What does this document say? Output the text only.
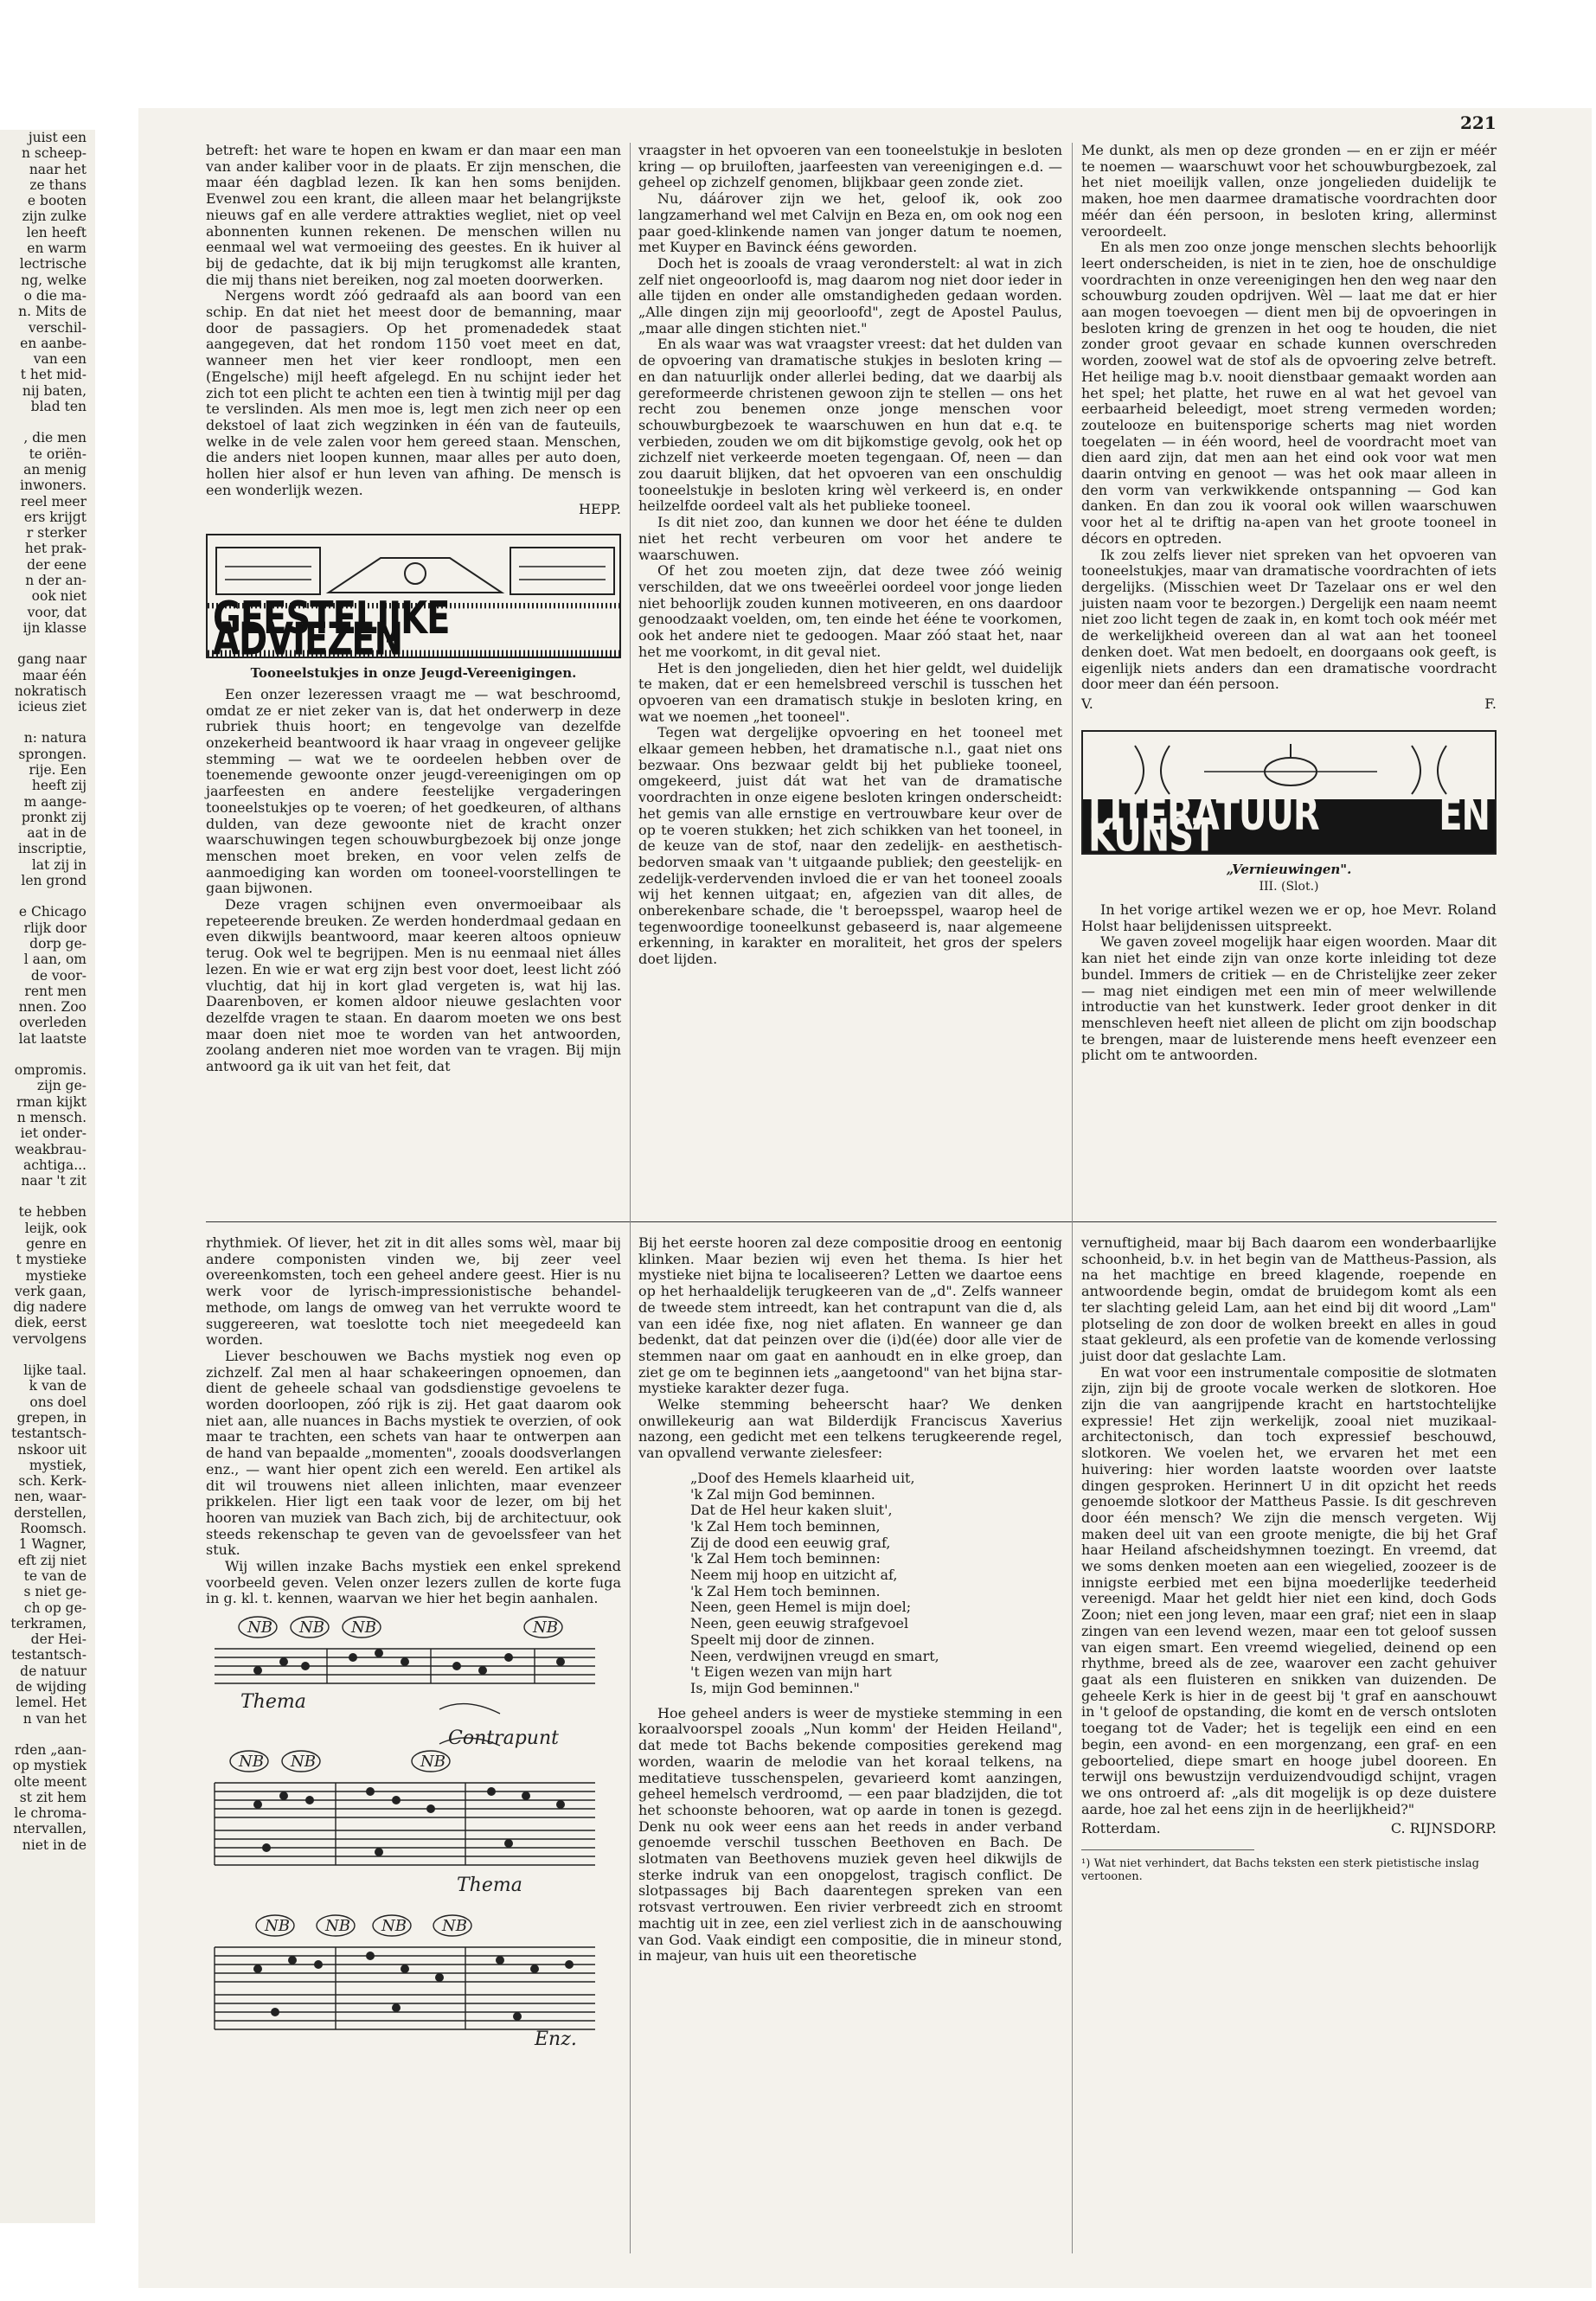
juist een
n scheep-
naar het
ze thans
e booten
zijn zulke
len heeft
en warm
lectrische
ng, welke
o die ma-
n. Mits de
verschil-
en aanbe-
van een
t het mid-
nij baten,
blad ten
, die men
te oriën-
an menig
inwoners.
reel meer
ers krijgt
r sterker
het prak-
der eene
n der an-
ook niet
voor, dat
ijn klasse
gang naar
maar één
nokratisch
icieus ziet
n: natura
sprongen.
rije. Een
heeft zij
m aange-
pronkt zij
aat in de
inscriptie,
lat zij in
len grond
e Chicago
rlijk door
dorp ge-
l aan, om
de voor-
rent men
nnen. Zoo
overleden
lat laatste
ompromis.
zijn ge-
rman kijkt
n mensch.
iet onder-
weakbrau-
achtiga...
naar 't zit
te hebben
leijk, ook
genre en
t mystieke
mystieke
verk gaan,
dig nadere
diek, eerst
vervolgens
lijke taal.
k van de
ons doel
grepen, in
testantsch-
nskoor uit
mystiek,
sch. Kerk-
nen, waar-
derstellen,
Roomsch.
1 Wagner,
eft zij niet
te van de
s niet ge-
ch op ge-
terkramen,
der Hei-
testantsch-
de natuur
de wijding
lemel. Het
n van het
rden „aan-
op mystiek
olte meent
st zit hem
le chroma-
ntervallen,
niet in de
221

betreft: het ware te hopen en kwam er dan maar een man van ander kaliber voor in de plaats. Er zijn menschen, die maar één dagblad lezen. Ik kan hen soms benijden. Evenwel zou een krant, die alleen maar het belangrijkste nieuws gaf en alle verdere attrakties wegliet, niet op veel abonnenten kunnen rekenen. De menschen willen nu eenmaal wel wat vermoeiing des geestes. En ik huiver al bij de gedachte, dat ik bij mijn terugkomst alle kranten, die mij thans niet bereiken, nog zal moeten doorwerken.

Nergens wordt zóó gedraafd als aan boord van een schip. En dat niet het meest door de bemanning, maar door de passagiers. Op het promenadedek staat aangegeven, dat het rondom 1150 voet meet en dat, wanneer men het vier keer rondloopt, men een (Engelsche) mijl heeft afgelegd. En nu schijnt ieder het zich tot een plicht te achten een tien à twintig mijl per dag te verslinden. Als men moe is, legt men zich neer op een dekstoel of laat zich wegzinken in één van de fauteuils, welke in de vele zalen voor hem gereed staan. Menschen, die anders niet loopen kunnen, maar alles per auto doen, hollen hier alsof er hun leven van afhing. De mensch is een wonderlijk wezen.

HEPP.
GEESTELIJKE ADVIEZEN
Tooneelstukjes in onze Jeugd-Vereenigingen.

Een onzer lezeressen vraagt me — wat beschroomd, omdat ze er niet zeker van is, dat het onderwerp in deze rubriek thuis hoort; en tengevolge van dezelfde onzekerheid beantwoord ik haar vraag in ongeveer gelijke stemming — wat we te oordeelen hebben over de toenemende gewoonte onzer jeugd-vereenigingen om op jaarfeesten en andere feestelijke vergaderingen tooneelstukjes op te voeren; of het goedkeuren, of althans dulden, van deze gewoonte niet de kracht onzer waarschuwingen tegen schouwburgbezoek bij onze jonge menschen moet breken, en voor velen zelfs de aanmoediging kan worden om tooneel-voorstellingen te gaan bijwonen.

Deze vragen schijnen even onvermoeibaar als repeteerende breuken. Ze werden honderdmaal gedaan en even dikwijls beantwoord, maar keeren altoos opnieuw terug. Ook wel te begrijpen. Men is nu eenmaal niet álles lezen. En wie er wat erg zijn best voor doet, leest licht zóó vluchtig, dat hij in kort glad vergeten is, wat hij las. Daarenboven, er komen aldoor nieuwe geslachten voor dezelfde vragen te staan. En daarom moeten we ons best maar doen niet moe te worden van het antwoorden, zoolang anderen niet moe worden van te vragen. Bij mijn antwoord ga ik uit van het feit, dat

vraagster in het opvoeren van een tooneelstukje in besloten kring — op bruiloften, jaarfeesten van vereenigingen e.d. — geheel op zichzelf genomen, blijkbaar geen zonde ziet.

Nu, dáárover zijn we het, geloof ik, ook zoo langzamerhand wel met Calvijn en Beza en, om ook nog een paar goed-klinkende namen van jonger datum te noemen, met Kuyper en Bavinck ééns geworden.

Doch het is zooals de vraag veronderstelt: al wat in zich zelf niet ongeoorloofd is, mag daarom nog niet door ieder in alle tijden en onder alle omstandigheden gedaan worden. „Alle dingen zijn mij geoorloofd", zegt de Apostel Paulus, „maar alle dingen stichten niet."

En als waar was wat vraagster vreest: dat het dulden van de opvoering van dramatische stukjes in besloten kring — en dan natuurlijk onder allerlei beding, dat we daarbij als gereformeerde christenen gewoon zijn te stellen — ons het recht zou benemen onze jonge menschen voor schouwburgbezoek te waarschuwen en hun dat e.q. te verbieden, zouden we om dit bijkomstige gevolg, ook het op zichzelf niet verkeerde moeten tegengaan. Of, neen — dan zou daaruit blijken, dat het opvoeren van een onschuldig tooneelstukje in besloten kring wèl verkeerd is, en onder heilzelfde oordeel valt als het publieke tooneel.

Is dit niet zoo, dan kunnen we door het ééne te dulden niet het recht verbeuren om voor het andere te waarschuwen.

Of het zou moeten zijn, dat deze twee zóó weinig verschilden, dat we ons tweeërlei oordeel voor jonge lieden niet behoorlijk zouden kunnen motiveeren, en ons daardoor genoodzaakt voelden, om, ten einde het ééne te voorkomen, ook het andere niet te gedoogen. Maar zóó staat het, naar het me voorkomt, in dit geval niet.

Het is den jongelieden, dien het hier geldt, wel duidelijk te maken, dat er een hemelsbreed verschil is tusschen het opvoeren van een dramatisch stukje in besloten kring, en wat we noemen „het tooneel".

Tegen wat dergelijke opvoering en het tooneel met elkaar gemeen hebben, het dramatische n.l., gaat niet ons bezwaar. Ons bezwaar geldt bij het publieke tooneel, omgekeerd, juist dát wat het van de dramatische voordrachten in onze eigene besloten kringen onderscheidt: het gemis van alle ernstige en vertrouwbare keur over de op te voeren stukken; het zich schikken van het tooneel, in de keuze van de stof, naar den zedelijk- en aesthetisch-bedorven smaak van 't uitgaande publiek; den geestelijk- en zedelijk-verdervenden invloed die er van het tooneel zooals wij het kennen uitgaat; en, afgezien van dit alles, de onberekenbare schade, die 't beroepsspel, waarop heel de tegenwoordige tooneelkunst gebaseerd is, naar algemeene erkenning, in karakter en moraliteit, het gros der spelers doet lijden.

Me dunkt, als men op deze gronden — en er zijn er méér te noemen — waarschuwt voor het schouwburgbezoek, zal het niet moeilijk vallen, onze jongelieden duidelijk te maken, hoe men daarmee dramatische voordrachten door méér dan één persoon, in besloten kring, allerminst veroordeelt.

En als men zoo onze jonge menschen slechts behoorlijk leert onderscheiden, is niet in te zien, hoe de onschuldige voordrachten in onze vereenigingen hen den weg naar den schouwburg zouden opdrijven. Wèl — laat me dat er hier aan mogen toevoegen — dient men bij de opvoeringen in besloten kring de grenzen in het oog te houden, die niet zonder groot gevaar en schade kunnen overschreden worden, zoowel wat de stof als de opvoering zelve betreft. Het heilige mag b.v. nooit dienstbaar gemaakt worden aan het spel; het platte, het ruwe en al wat het gevoel van eerbaarheid beleedigt, moet streng vermeden worden; zoutelooze en buitensporige scherts mag niet worden toegelaten — in één woord, heel de voordracht moet van dien aard zijn, dat men aan het eind ook voor wat men daarin ontving en genoot — was het ook maar alleen in den vorm van verkwikkende ontspanning — God kan danken. En dan zou ik vooral ook willen waarschuwen voor het al te driftig na-apen van het groote tooneel in décors en optreden.

Ik zou zelfs liever niet spreken van het opvoeren van tooneelstukjes, maar van dramatische voordrachten of iets dergelijks. (Misschien weet Dr Tazelaar ons er wel den juisten naam voor te bezorgen.) Dergelijk een naam neemt niet zoo licht tegen de zaak in, en komt toch ook méér met de werkelijkheid overeen dan al wat aan het tooneel denken doet. Wat men bedoelt, en doorgaans ook geeft, is eigenlijk niets anders dan een dramatische voordracht door meer dan één persoon.

V.	F.
LITERATUUR EN KUNST
„Vernieuwingen".
III. (Slot.)

In het vorige artikel wezen we er op, hoe Mevr. Roland Holst haar belijdenissen uitspreekt.

We gaven zoveel mogelijk haar eigen woorden. Maar dit kan niet het einde zijn van onze korte inleiding tot deze bundel. Immers de critiek — en de Christelijke zeer zeker — mag niet eindigen met een min of meer welwillende introductie van het kunstwerk. Ieder groot denker in dit menschleven heeft niet alleen de plicht om zijn boodschap te brengen, maar de luisterende mens heeft evenzeer een plicht om te antwoorden.

rhythmiek. Of liever, het zit in dit alles soms wèl, maar bij andere componisten vinden we, bij zeer veel overeenkomsten, toch een geheel andere geest. Hier is nu werk voor de lyrisch-impressionistische behandel-methode, om langs de omweg van het verrukte woord te suggereeren, wat toeslotte toch niet meegedeeld kan worden.

Liever beschouwen we Bachs mystiek nog even op zichzelf. Zal men al haar schakeeringen opnoemen, dan dient de geheele schaal van godsdienstige gevoelens te worden doorloopen, zóó rijk is zij. Het gaat daarom ook niet aan, alle nuances in Bachs mystiek te overzien, of ook maar te trachten, een schets van haar te ontwerpen aan de hand van bepaalde „momenten", zooals doodsverlangen enz., — want hier opent zich een wereld. Een artikel als dit wil trouwens niet alleen inlichten, maar evenzeer prikkelen. Hier ligt een taak voor de lezer, om bij het hooren van muziek van Bach zich, bij de architectuur, ook steeds rekenschap te geven van de gevoelssfeer van het stuk.

Wij willen inzake Bachs mystiek een enkel sprekend voorbeeld geven. Velen onzer lezers zullen de korte fuga in g. kl. t. kennen, waarvan we hier het begin aanhalen.

NB NB NB	NB
NB NB	NB
NB NB NB NB
Thema
Contrapunt
Thema
Enz.

Bij het eerste hooren zal deze compositie droog en eentonig klinken. Maar bezien wij even het thema. Is hier het mystieke niet bijna te localiseeren? Letten we daartoe eens op het herhaaldelijk terugkeeren van de „d". Zelfs wanneer de tweede stem intreedt, kan het contrapunt van die d, als van een idée fixe, nog niet aflaten. En wanneer ge dan bedenkt, dat dat peinzen over die (i)d(ée) door alle vier de stemmen naar om gaat en aanhoudt en in elke groep, dan ziet ge om te beginnen iets „aangetoond" van het bijna star-mystieke karakter dezer fuga.

Welke stemming beheerscht haar? We denken onwillekeurig aan wat Bilderdijk Franciscus Xaverius nazong, een gedicht met een telkens terugkeerende regel, van opvallend verwante zielesfeer:

„Doof des Hemels klaarheid uit,
'k Zal mijn God beminnen.
Dat de Hel heur kaken sluit',
'k Zal Hem toch beminnen,
Zij de dood een eeuwig graf,
'k Zal Hem toch beminnen:
Neem mij hoop en uitzicht af,
'k Zal Hem toch beminnen.
Neen, geen Hemel is mijn doel;
Neen, geen eeuwig strafgevoel
Speelt mij door de zinnen.
Neen, verdwijnen vreugd en smart,
't Eigen wezen van mijn hart
Is, mijn God beminnen."

Hoe geheel anders is weer de mystieke stemming in een koraalvoorspel zooals „Nun komm' der Heiden Heiland", dat mede tot Bachs bekende composities gerekend mag worden, waarin de melodie van het koraal telkens, na meditatieve tusschenspelen, gevarieerd komt aanzingen, geheel hemelsch verdroomd, — een paar bladzijden, die tot het schoonste behooren, wat op aarde in tonen is gezegd. Denk nu ook weer eens aan het reeds in ander verband genoemde verschil tusschen Beethoven en Bach. De slotmaten van Beethovens muziek geven heel dikwijls de sterke indruk van een onopgelost, tragisch conflict. De slotpassages bij Bach daarentegen spreken van een rotsvast vertrouwen. Een rivier verbreedt zich en stroomt machtig uit in zee, een ziel verliest zich in de aanschouwing van God. Vaak eindigt een compositie, die in mineur stond, in majeur, van huis uit een theoretische

vernuftigheid, maar bij Bach daarom een wonderbaarlijke schoonheid, b.v. in het begin van de Mattheus-Passion, als na het machtige en breed klagende, roepende en antwoordende begin, omdat de bruidegom komt als een ter slachting geleid Lam, aan het eind bij dit woord „Lam" plotseling de zon door de wolken breekt en alles in goud staat gekleurd, als een profetie van de komende verlossing juist door dat geslachte Lam.

En wat voor een instrumentale compositie de slotmaten zijn, zijn bij de groote vocale werken de slotkoren. Hoe zijn die van aangrijpende kracht en hartstochtelijke expressie! Het zijn werkelijk, zooal niet muzikaal-architectonisch, dan toch expressief beschouwd, slotkoren. We voelen het, we ervaren het met een huivering: hier worden laatste woorden over laatste dingen gesproken. Herinnert U in dit opzicht het reeds genoemde slotkoor der Mattheus Passie. Is dit geschreven door één mensch? We zijn die mensch vergeten. Wij maken deel uit van een groote menigte, die bij het Graf haar Heiland afscheidshymnen toezingt. En vreemd, dat we soms denken moeten aan een wiegelied, zoozeer is de innigste eerbied met een bijna moederlijke teederheid vereenigd. Maar het geldt hier niet een kind, doch Gods Zoon; niet een jong leven, maar een graf; niet een in slaap zingen van een levend wezen, maar een tot geloof sussen van eigen smart. Een vreemd wiegelied, deinend op een rhythme, breed als de zee, waarover een zacht gehuiver gaat als een fluisteren en snikken van duizenden. De geheele Kerk is hier in de geest bij 't graf en aanschouwt in 't geloof de opstanding, die komt en de versch ontsloten toegang tot de Vader; het is tegelijk een eind en een begin, een avond- en een morgenzang, een graf- en een geboortelied, diepe smart en hooge jubel dooreen. En terwijl ons bewustzijn verduizendvoudigd schijnt, vragen we ons ontroerd af: „als dit mogelijk is op deze duistere aarde, hoe zal het eens zijn in de heerlijkheid?"

Rotterdam.	C. RIJNSDORP.
¹) Wat niet verhindert, dat Bachs teksten een sterk pietistische inslag vertoonen.
